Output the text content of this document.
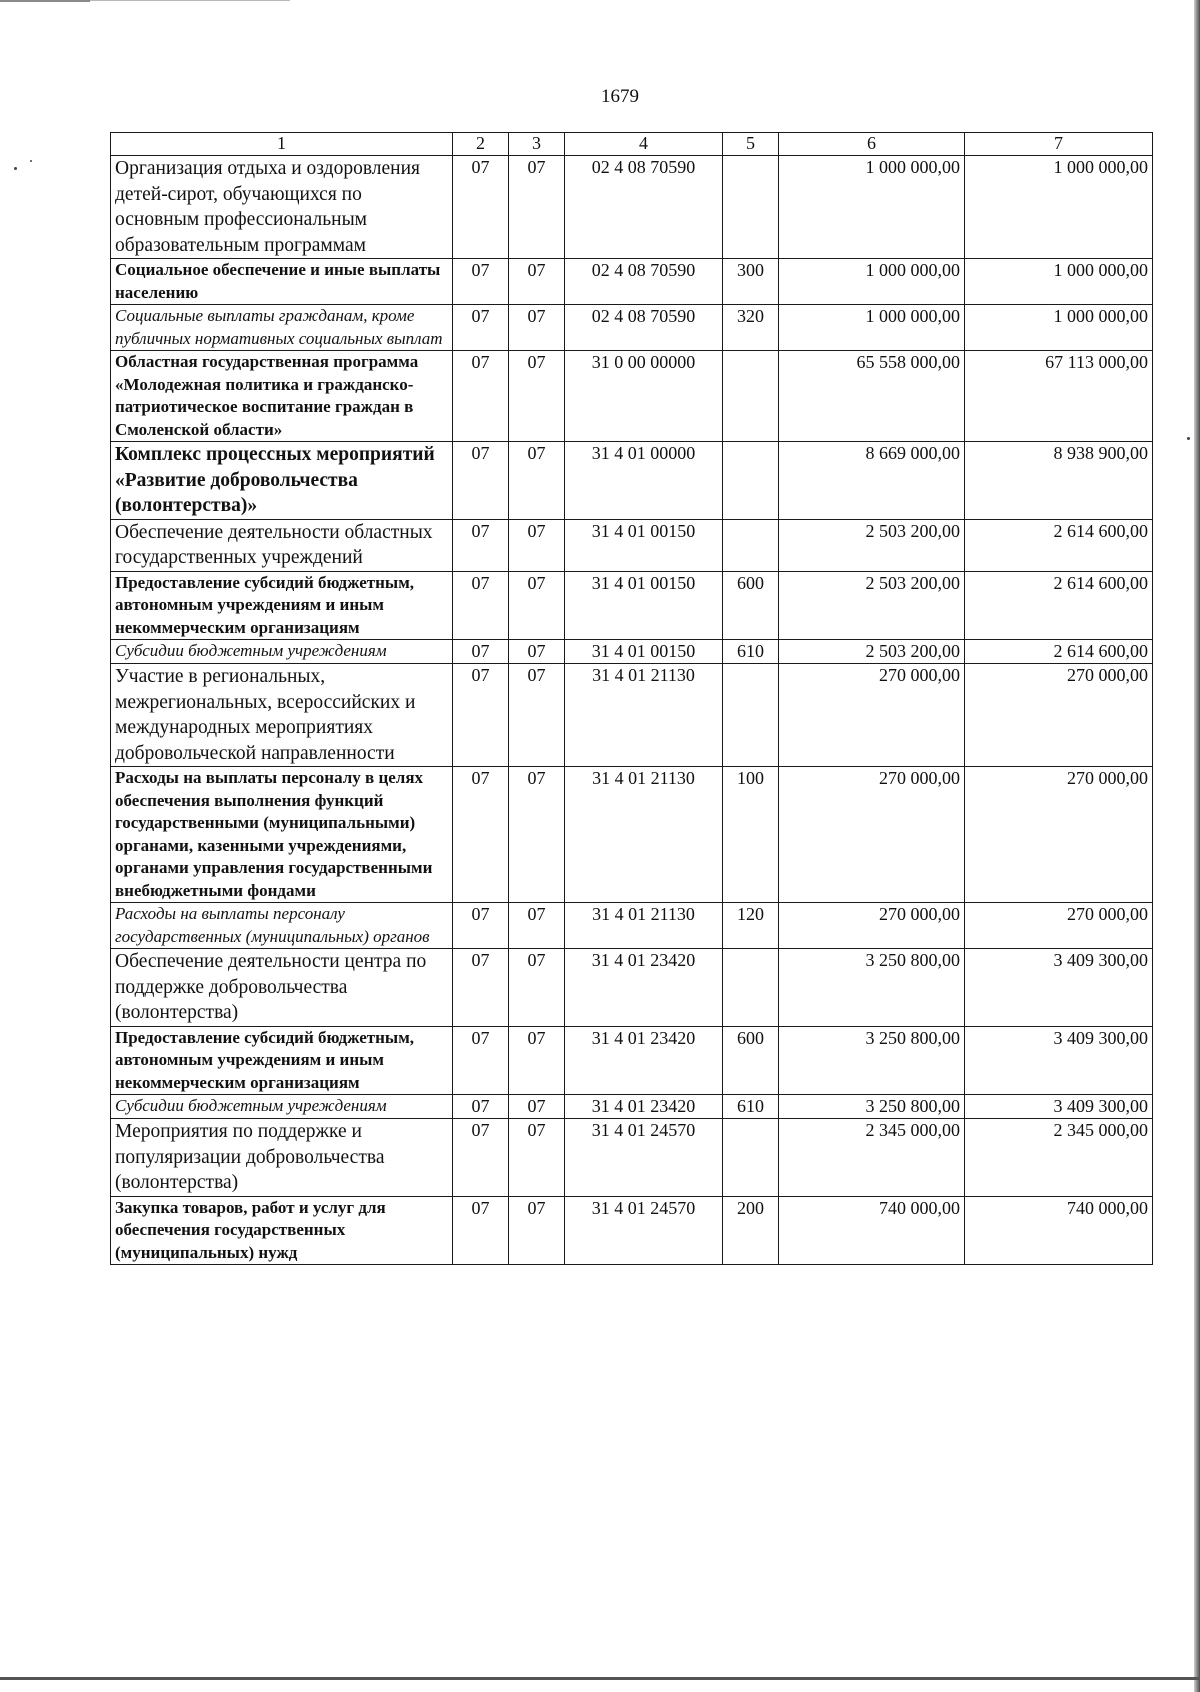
1679
1	2	3	4	5	6	7
Организация отдыха и оздоровления детей-сирот, обучающихся по основным профессиональным образовательным программам	07	07	02 4 08 70590		1 000 000,00	1 000 000,00
Социальное обеспечение и иные выплаты населению	07	07	02 4 08 70590	300	1 000 000,00	1 000 000,00
Социальные выплаты гражданам, кроме публичных нормативных социальных выплат	07	07	02 4 08 70590	320	1 000 000,00	1 000 000,00
Областная государственная программа «Молодежная политика и гражданско-патриотическое воспитание граждан в Смоленской области»	07	07	31 0 00 00000		65 558 000,00	67 113 000,00
Комплекс процессных мероприятий «Развитие добровольчества (волонтерства)»	07	07	31 4 01 00000		8 669 000,00	8 938 900,00
Обеспечение деятельности областных государственных учреждений	07	07	31 4 01 00150		2 503 200,00	2 614 600,00
Предоставление субсидий бюджетным, автономным учреждениям и иным некоммерческим организациям	07	07	31 4 01 00150	600	2 503 200,00	2 614 600,00
Субсидии бюджетным учреждениям	07	07	31 4 01 00150	610	2 503 200,00	2 614 600,00
Участие в региональных, межрегиональных, всероссийских и международных мероприятиях добровольческой направленности	07	07	31 4 01 21130		270 000,00	270 000,00
Расходы на выплаты персоналу в целях обеспечения выполнения функций государственными (муниципальными) органами, казенными учреждениями, органами управления государственными внебюджетными фондами	07	07	31 4 01 21130	100	270 000,00	270 000,00
Расходы на выплаты персоналу государственных (муниципальных) органов	07	07	31 4 01 21130	120	270 000,00	270 000,00
Обеспечение деятельности центра по поддержке добровольчества (волонтерства)	07	07	31 4 01 23420		3 250 800,00	3 409 300,00
Предоставление субсидий бюджетным, автономным учреждениям и иным некоммерческим организациям	07	07	31 4 01 23420	600	3 250 800,00	3 409 300,00
Субсидии бюджетным учреждениям	07	07	31 4 01 23420	610	3 250 800,00	3 409 300,00
Мероприятия по поддержке и популяризации добровольчества (волонтерства)	07	07	31 4 01 24570		2 345 000,00	2 345 000,00
Закупка товаров, работ и услуг для обеспечения государственных (муниципальных) нужд	07	07	31 4 01 24570	200	740 000,00	740 000,00
